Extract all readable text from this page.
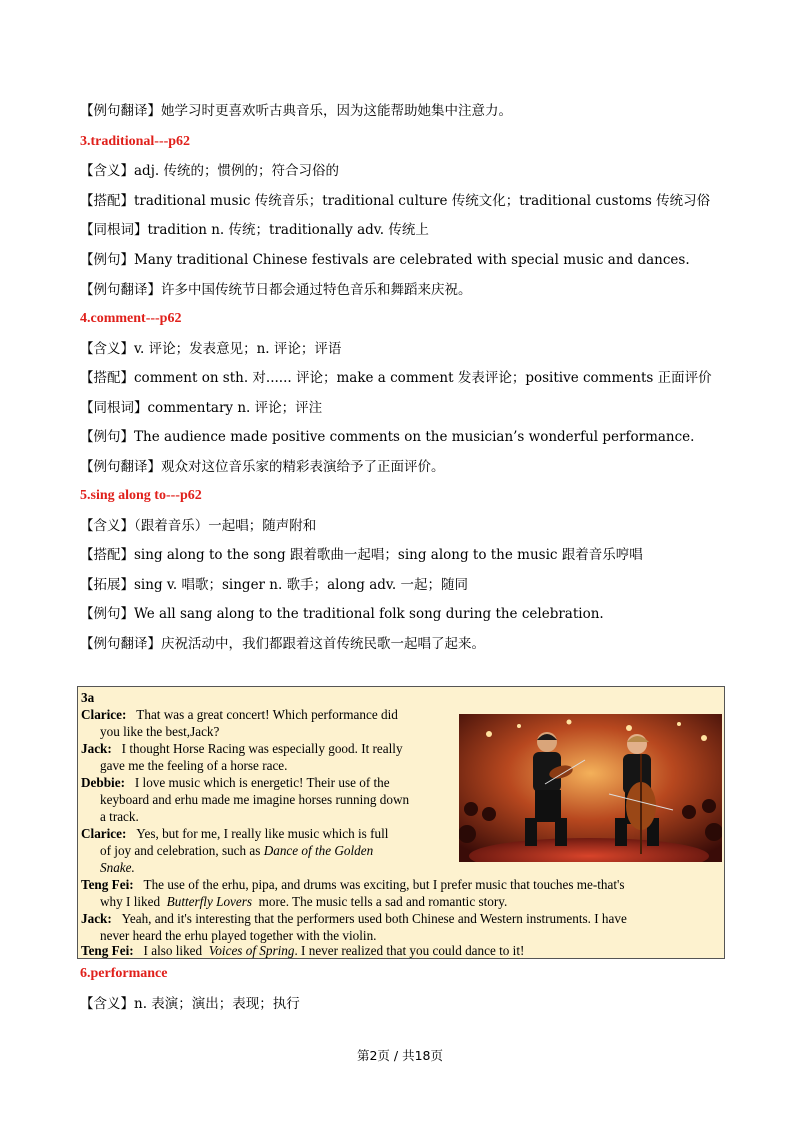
【例句翻译】她学习时更喜欢听古典音乐，因为这能帮助她集中注意力。
3.traditional---p62
【含义】adj. 传统的；惯例的；符合习俗的
【搭配】traditional music 传统音乐；traditional culture 传统文化；traditional customs 传统习俗
【同根词】tradition n. 传统；traditionally adv. 传统上
【例句】Many traditional Chinese festivals are celebrated with special music and dances.
【例句翻译】许多中国传统节日都会通过特色音乐和舞蹈来庆祝。
4.comment---p62
【含义】v. 评论；发表意见；n. 评论；评语
【搭配】comment on sth. 对...... 评论；make a comment 发表评论；positive comments 正面评价
【同根词】commentary n. 评论；评注
【例句】The audience made positive comments on the musician’s wonderful performance.
【例句翻译】观众对这位音乐家的精彩表演给予了正面评价。
5.sing along to---p62
【含义】（跟着音乐）一起唱；随声附和
【搭配】sing along to the song 跟着歌曲一起唱；sing along to the music 跟着音乐哼唱
【拓展】sing v. 唱歌；singer n. 歌手；along adv. 一起；随同
【例句】We all sang along to the traditional folk song during the celebration.
【例句翻译】庆祝活动中，我们都跟着这首传统民歌一起唱了起来。
3a
Clarice: That was a great concert! Which performance did
you like the best,Jack?
Jack: I thought Horse Racing was especially good. It really
gave me the feeling of a horse race.
Debbie: I love music which is energetic! Their use of the
keyboard and erhu made me imagine horses running down
a track.
Clarice: Yes, but for me, I really like music which is full
of joy and celebration, such as Dance of the Golden
Snake.
Teng Fei: The use of the erhu, pipa, and drums was exciting, but I prefer music that touches me-that's
why I liked Butterfly Lovers more. The music tells a sad and romantic story.
Jack: Yeah, and it's interesting that the performers used both Chinese and Western instruments. I have
never heard the erhu played together with the violin.
Teng Fei: I also liked Voices of Spring. I never realized that you could dance to it!
6.performance
【含义】n. 表演；演出；表现；执行
第2页 / 共18页
